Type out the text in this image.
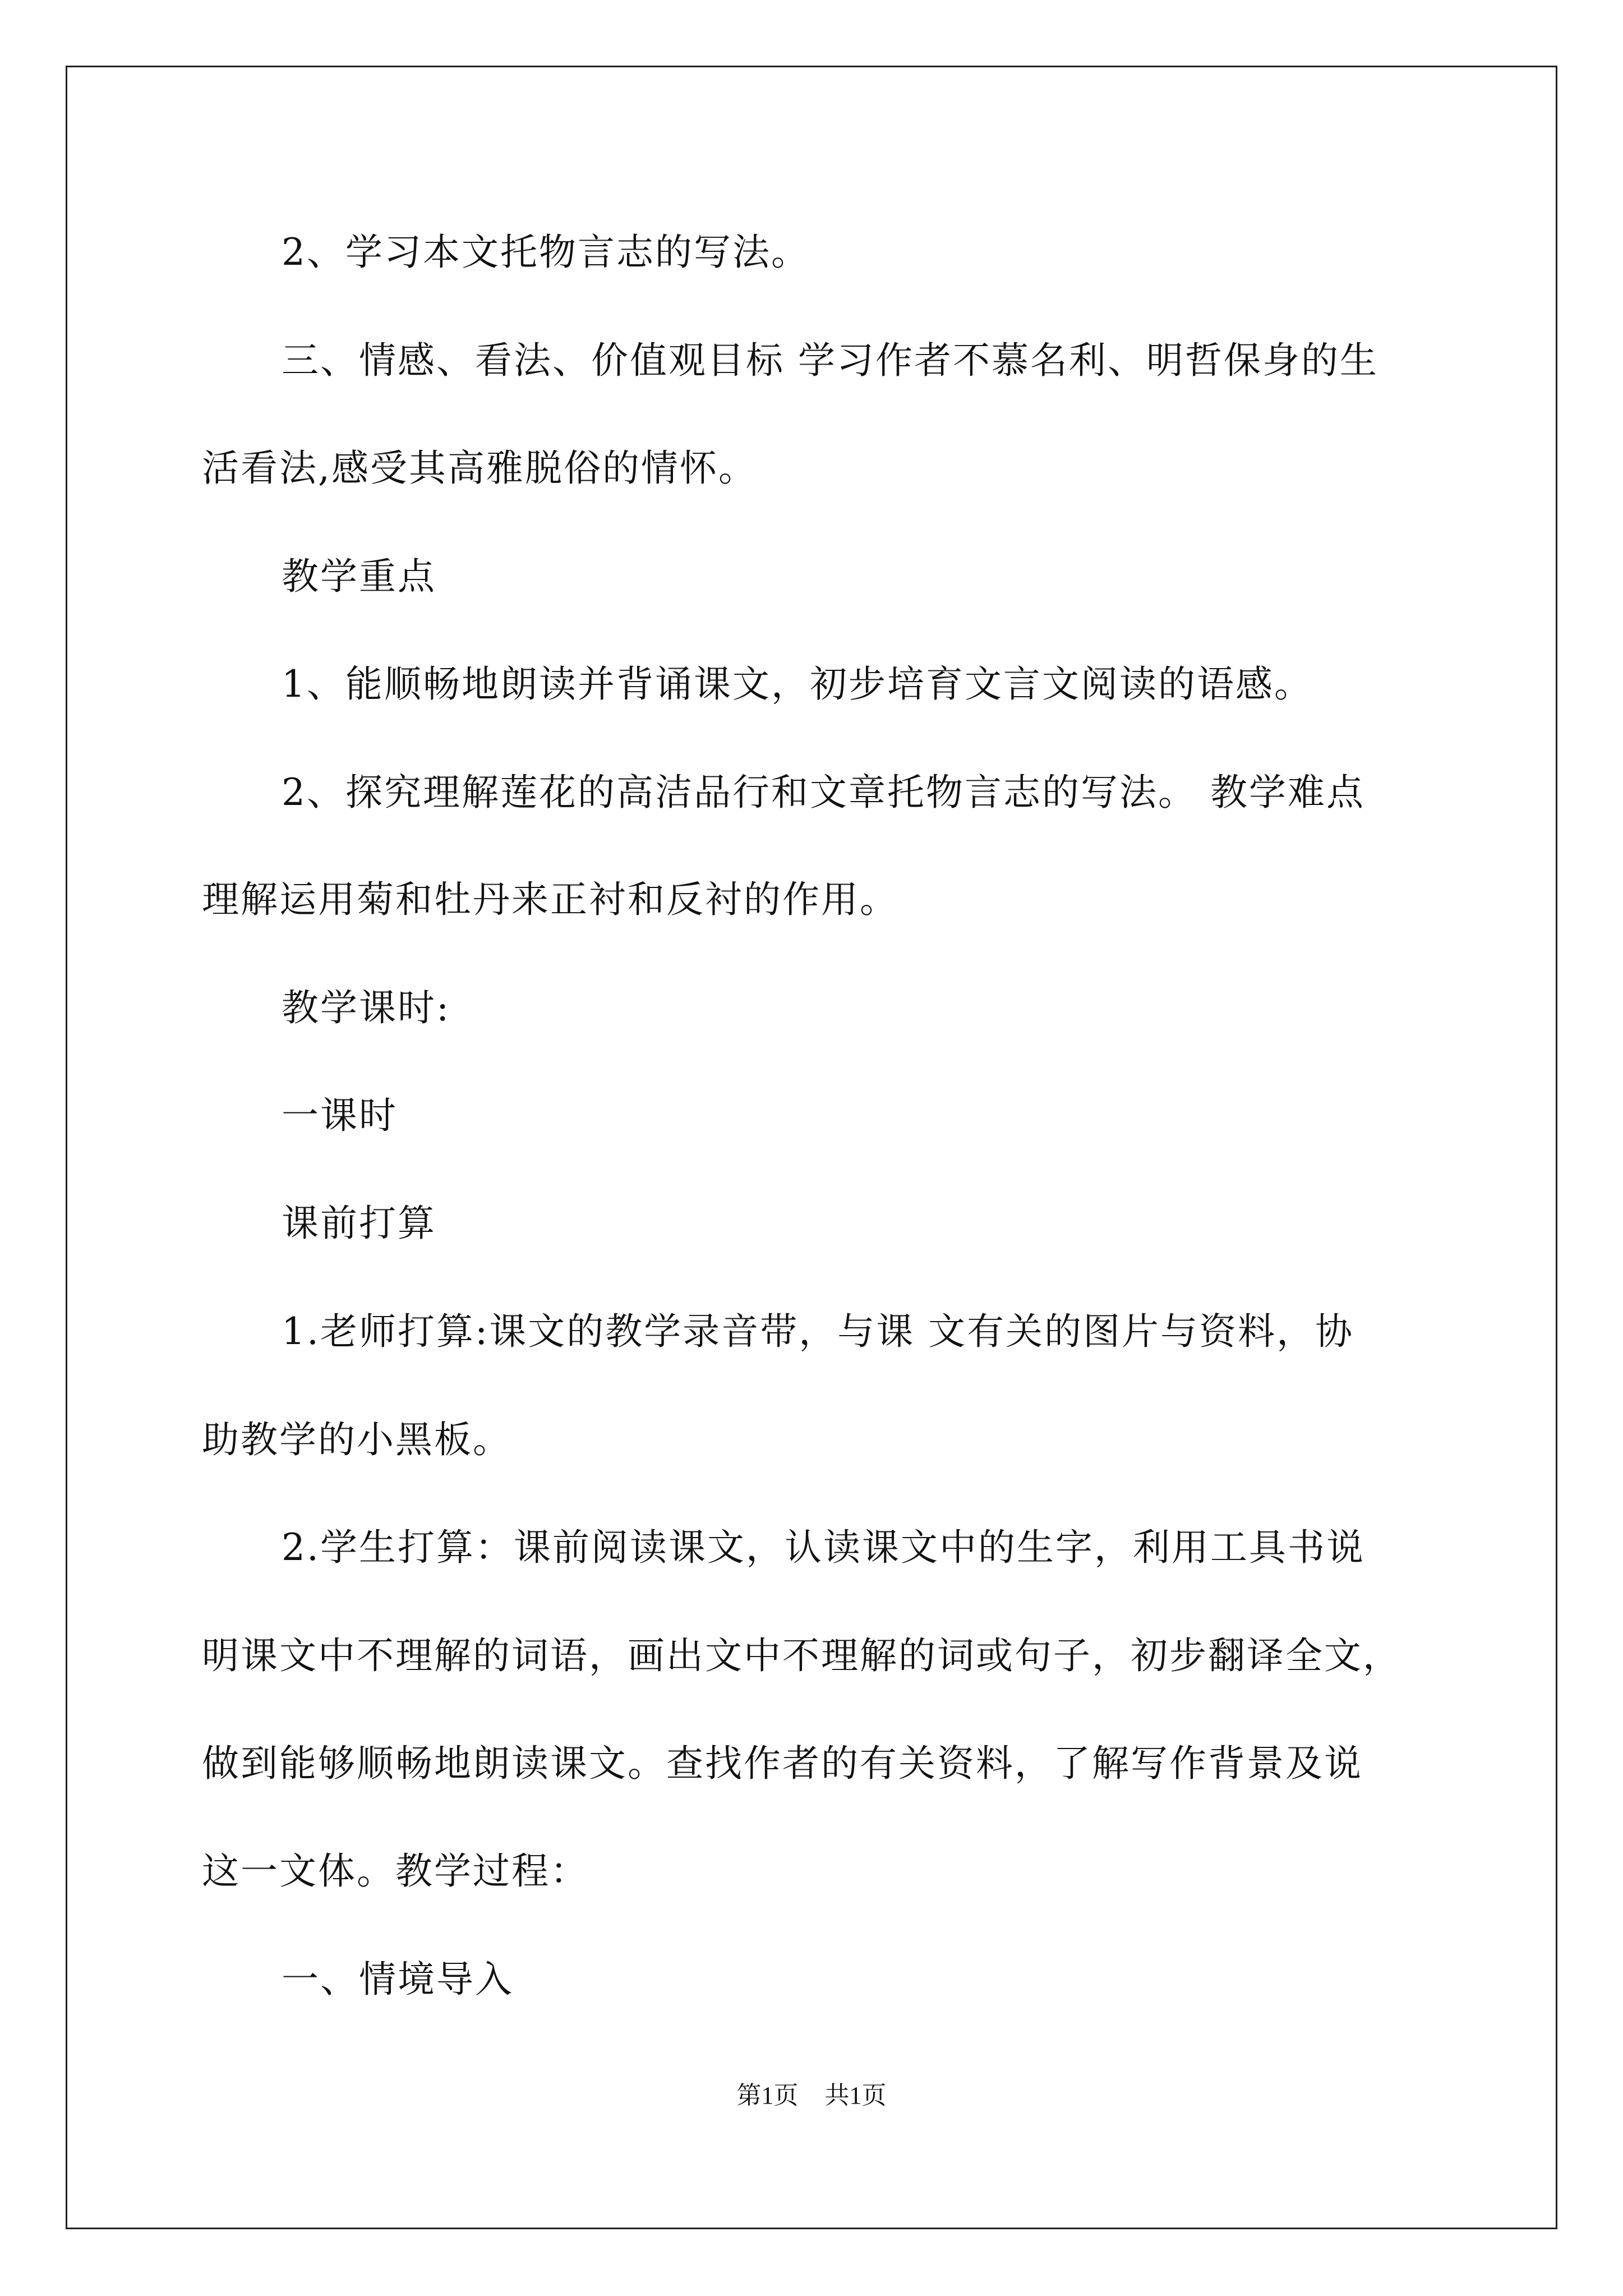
2、学习本文托物言志的写法。
三、情感、看法、价值观目标 学习作者不慕名利、明哲保身的生
活看法,感受其高雅脱俗的情怀。
教学重点
1、能顺畅地朗读并背诵课文，初步培育文言文阅读的语感。
2、探究理解莲花的高洁品行和文章托物言志的写法。 教学难点
理解运用菊和牡丹来正衬和反衬的作用。
教学课时:
一课时
课前打算
1.老师打算:课文的教学录音带，与课 文有关的图片与资料，协
助教学的小黑板。
2.学生打算：课前阅读课文，认读课文中的生字，利用工具书说
明课文中不理解的词语，画出文中不理解的词或句子，初步翻译全文，
做到能够顺畅地朗读课文。查找作者的有关资料，了解写作背景及说
这一文体。教学过程：
一、情境导入
第1页 共1页
